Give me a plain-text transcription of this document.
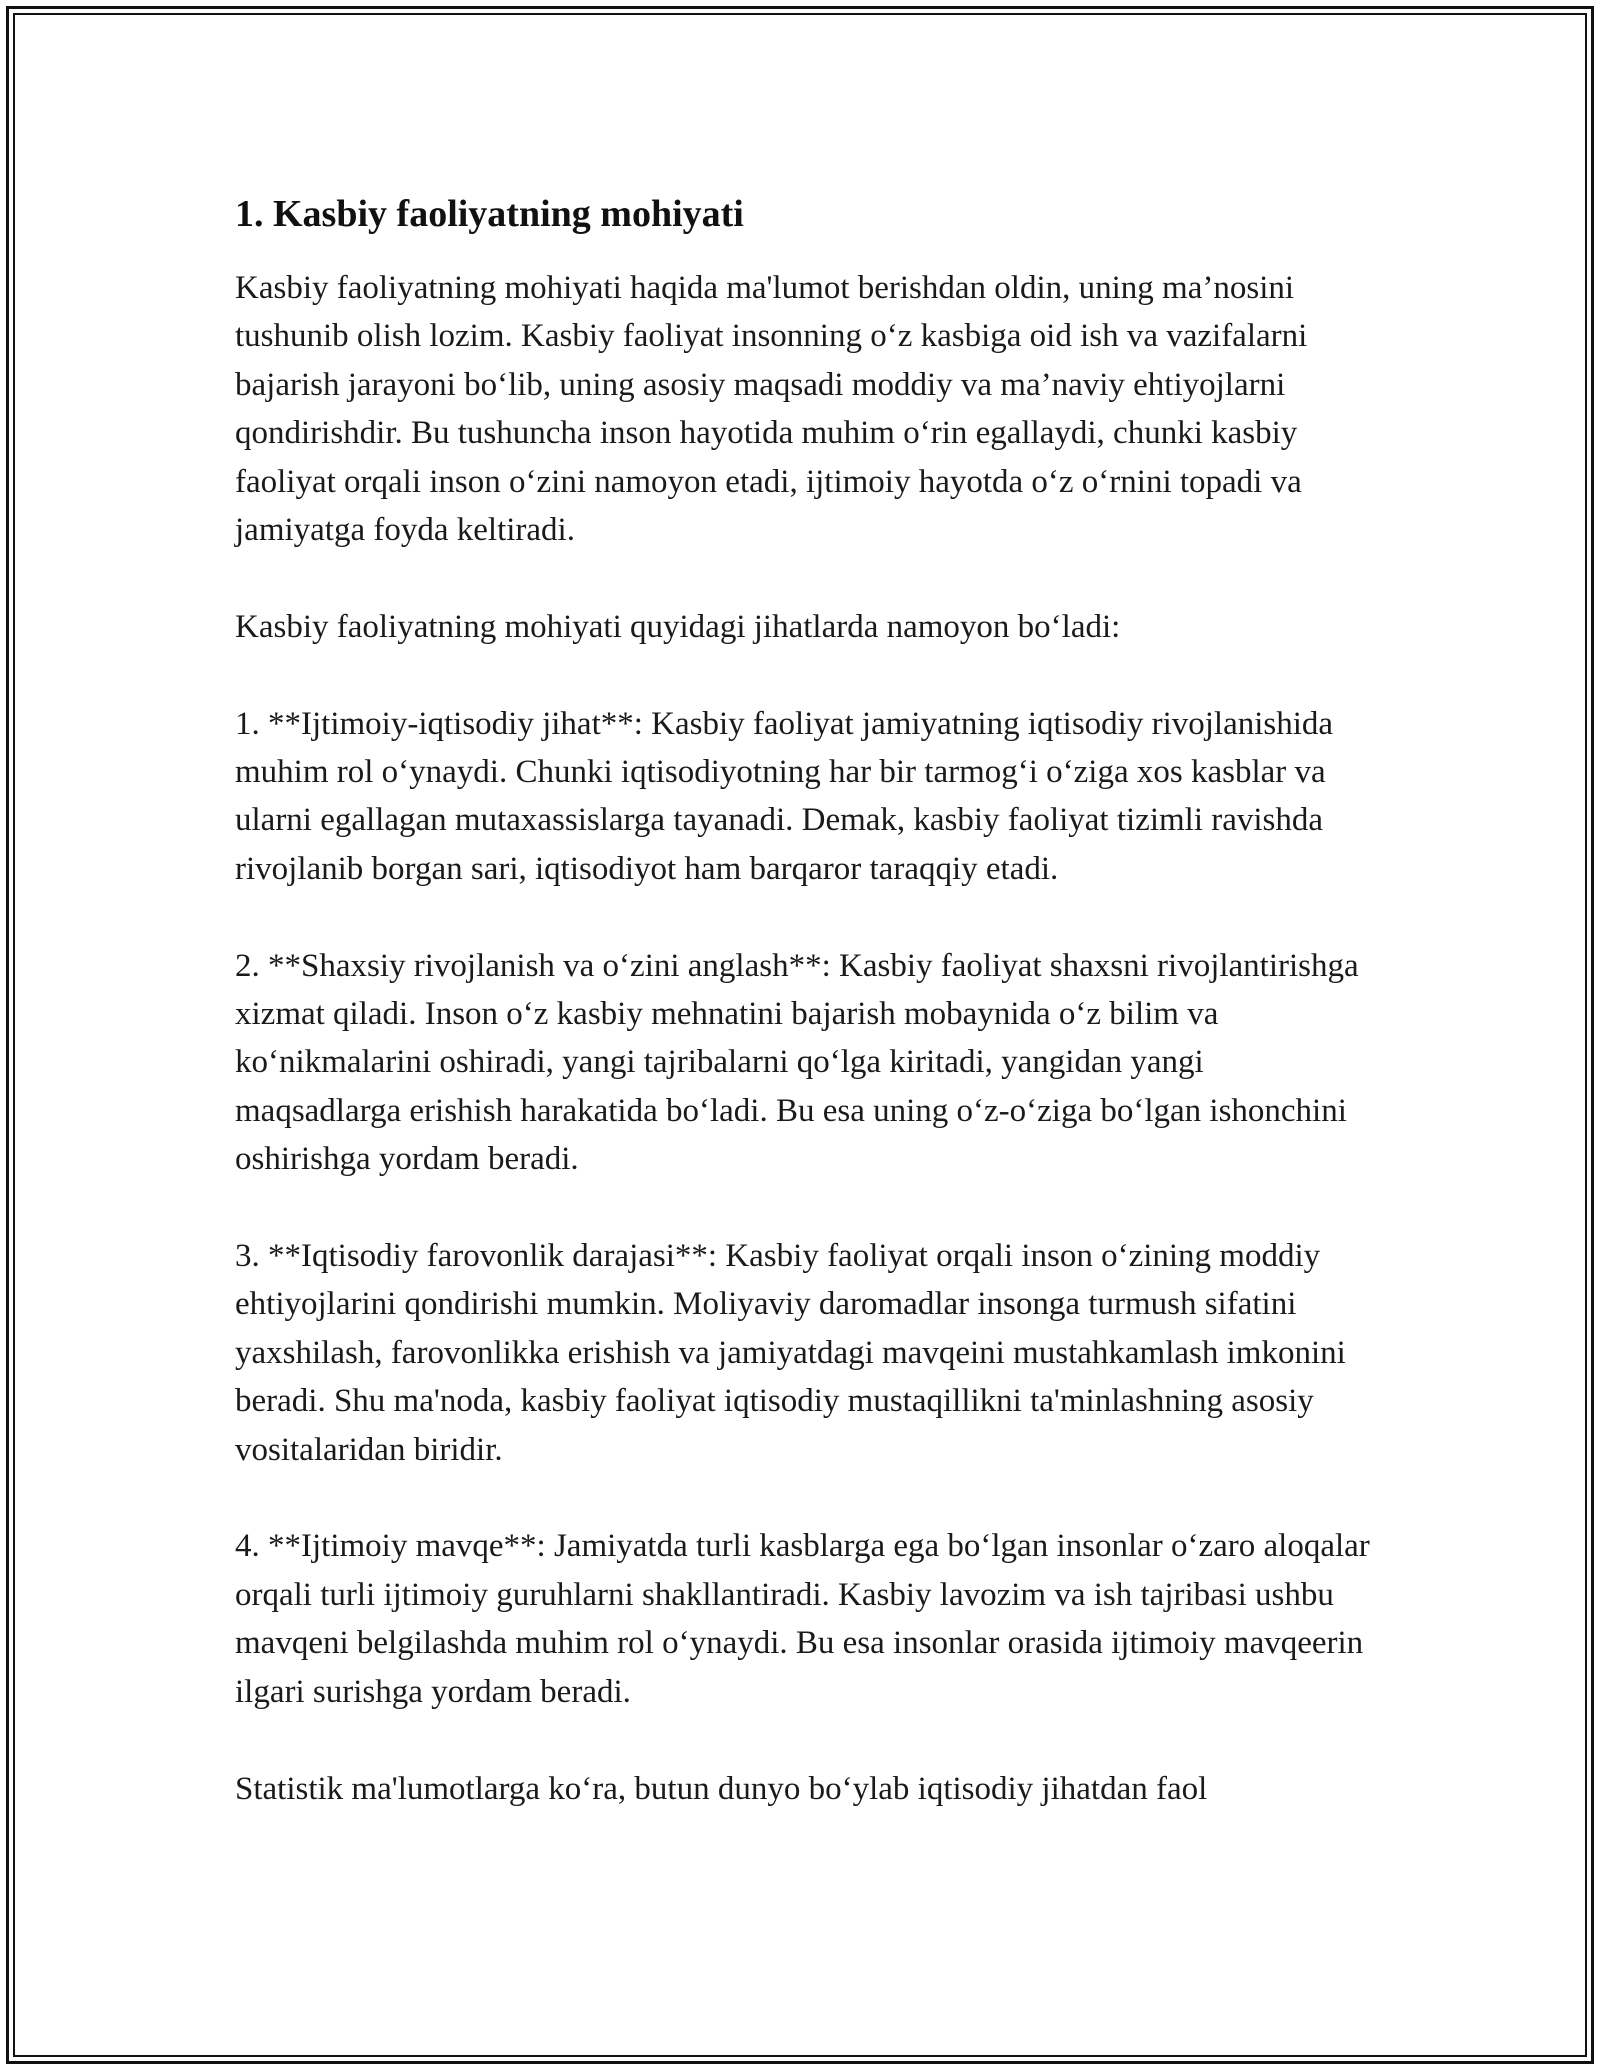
1. Kasbiy faoliyatning mohiyati

Kasbiy faoliyatning mohiyati haqida ma'lumot berishdan oldin, uning ma’nosini tushunib olish lozim. Kasbiy faoliyat insonning o‘z kasbiga oid ish va vazifalarni bajarish jarayoni bo‘lib, uning asosiy maqsadi moddiy va ma’naviy ehtiyojlarni qondirishdir. Bu tushuncha inson hayotida muhim o‘rin egallaydi, chunki kasbiy faoliyat orqali inson o‘zini namoyon etadi, ijtimoiy hayotda o‘z o‘rnini topadi va jamiyatga foyda keltiradi.

Kasbiy faoliyatning mohiyati quyidagi jihatlarda namoyon bo‘ladi:

1. **Ijtimoiy-iqtisodiy jihat**: Kasbiy faoliyat jamiyatning iqtisodiy rivojlanishida muhim rol o‘ynaydi. Chunki iqtisodiyotning har bir tarmog‘i o‘ziga xos kasblar va ularni egallagan mutaxassislarga tayanadi. Demak, kasbiy faoliyat tizimli ravishda rivojlanib borgan sari, iqtisodiyot ham barqaror taraqqiy etadi.

2. **Shaxsiy rivojlanish va o‘zini anglash**: Kasbiy faoliyat shaxsni rivojlantirishga xizmat qiladi. Inson o‘z kasbiy mehnatini bajarish mobaynida o‘z bilim va ko‘nikmalarini oshiradi, yangi tajribalarni qo‘lga kiritadi, yangidan yangi maqsadlarga erishish harakatida bo‘ladi. Bu esa uning o‘z-o‘ziga bo‘lgan ishonchini oshirishga yordam beradi.

3. **Iqtisodiy farovonlik darajasi**: Kasbiy faoliyat orqali inson o‘zining moddiy ehtiyojlarini qondirishi mumkin. Moliyaviy daromadlar insonga turmush sifatini yaxshilash, farovonlikka erishish va jamiyatdagi mavqeini mustahkamlash imkonini beradi. Shu ma'noda, kasbiy faoliyat iqtisodiy mustaqillikni ta'minlashning asosiy vositalaridan biridir.

4. **Ijtimoiy mavqe**: Jamiyatda turli kasblarga ega bo‘lgan insonlar o‘zaro aloqalar orqali turli ijtimoiy guruhlarni shakllantiradi. Kasbiy lavozim va ish tajribasi ushbu mavqeni belgilashda muhim rol o‘ynaydi. Bu esa insonlar orasida ijtimoiy mavqeerin ilgari surishga yordam beradi.

Statistik ma'lumotlarga ko‘ra, butun dunyo bo‘ylab iqtisodiy jihatdan faol
